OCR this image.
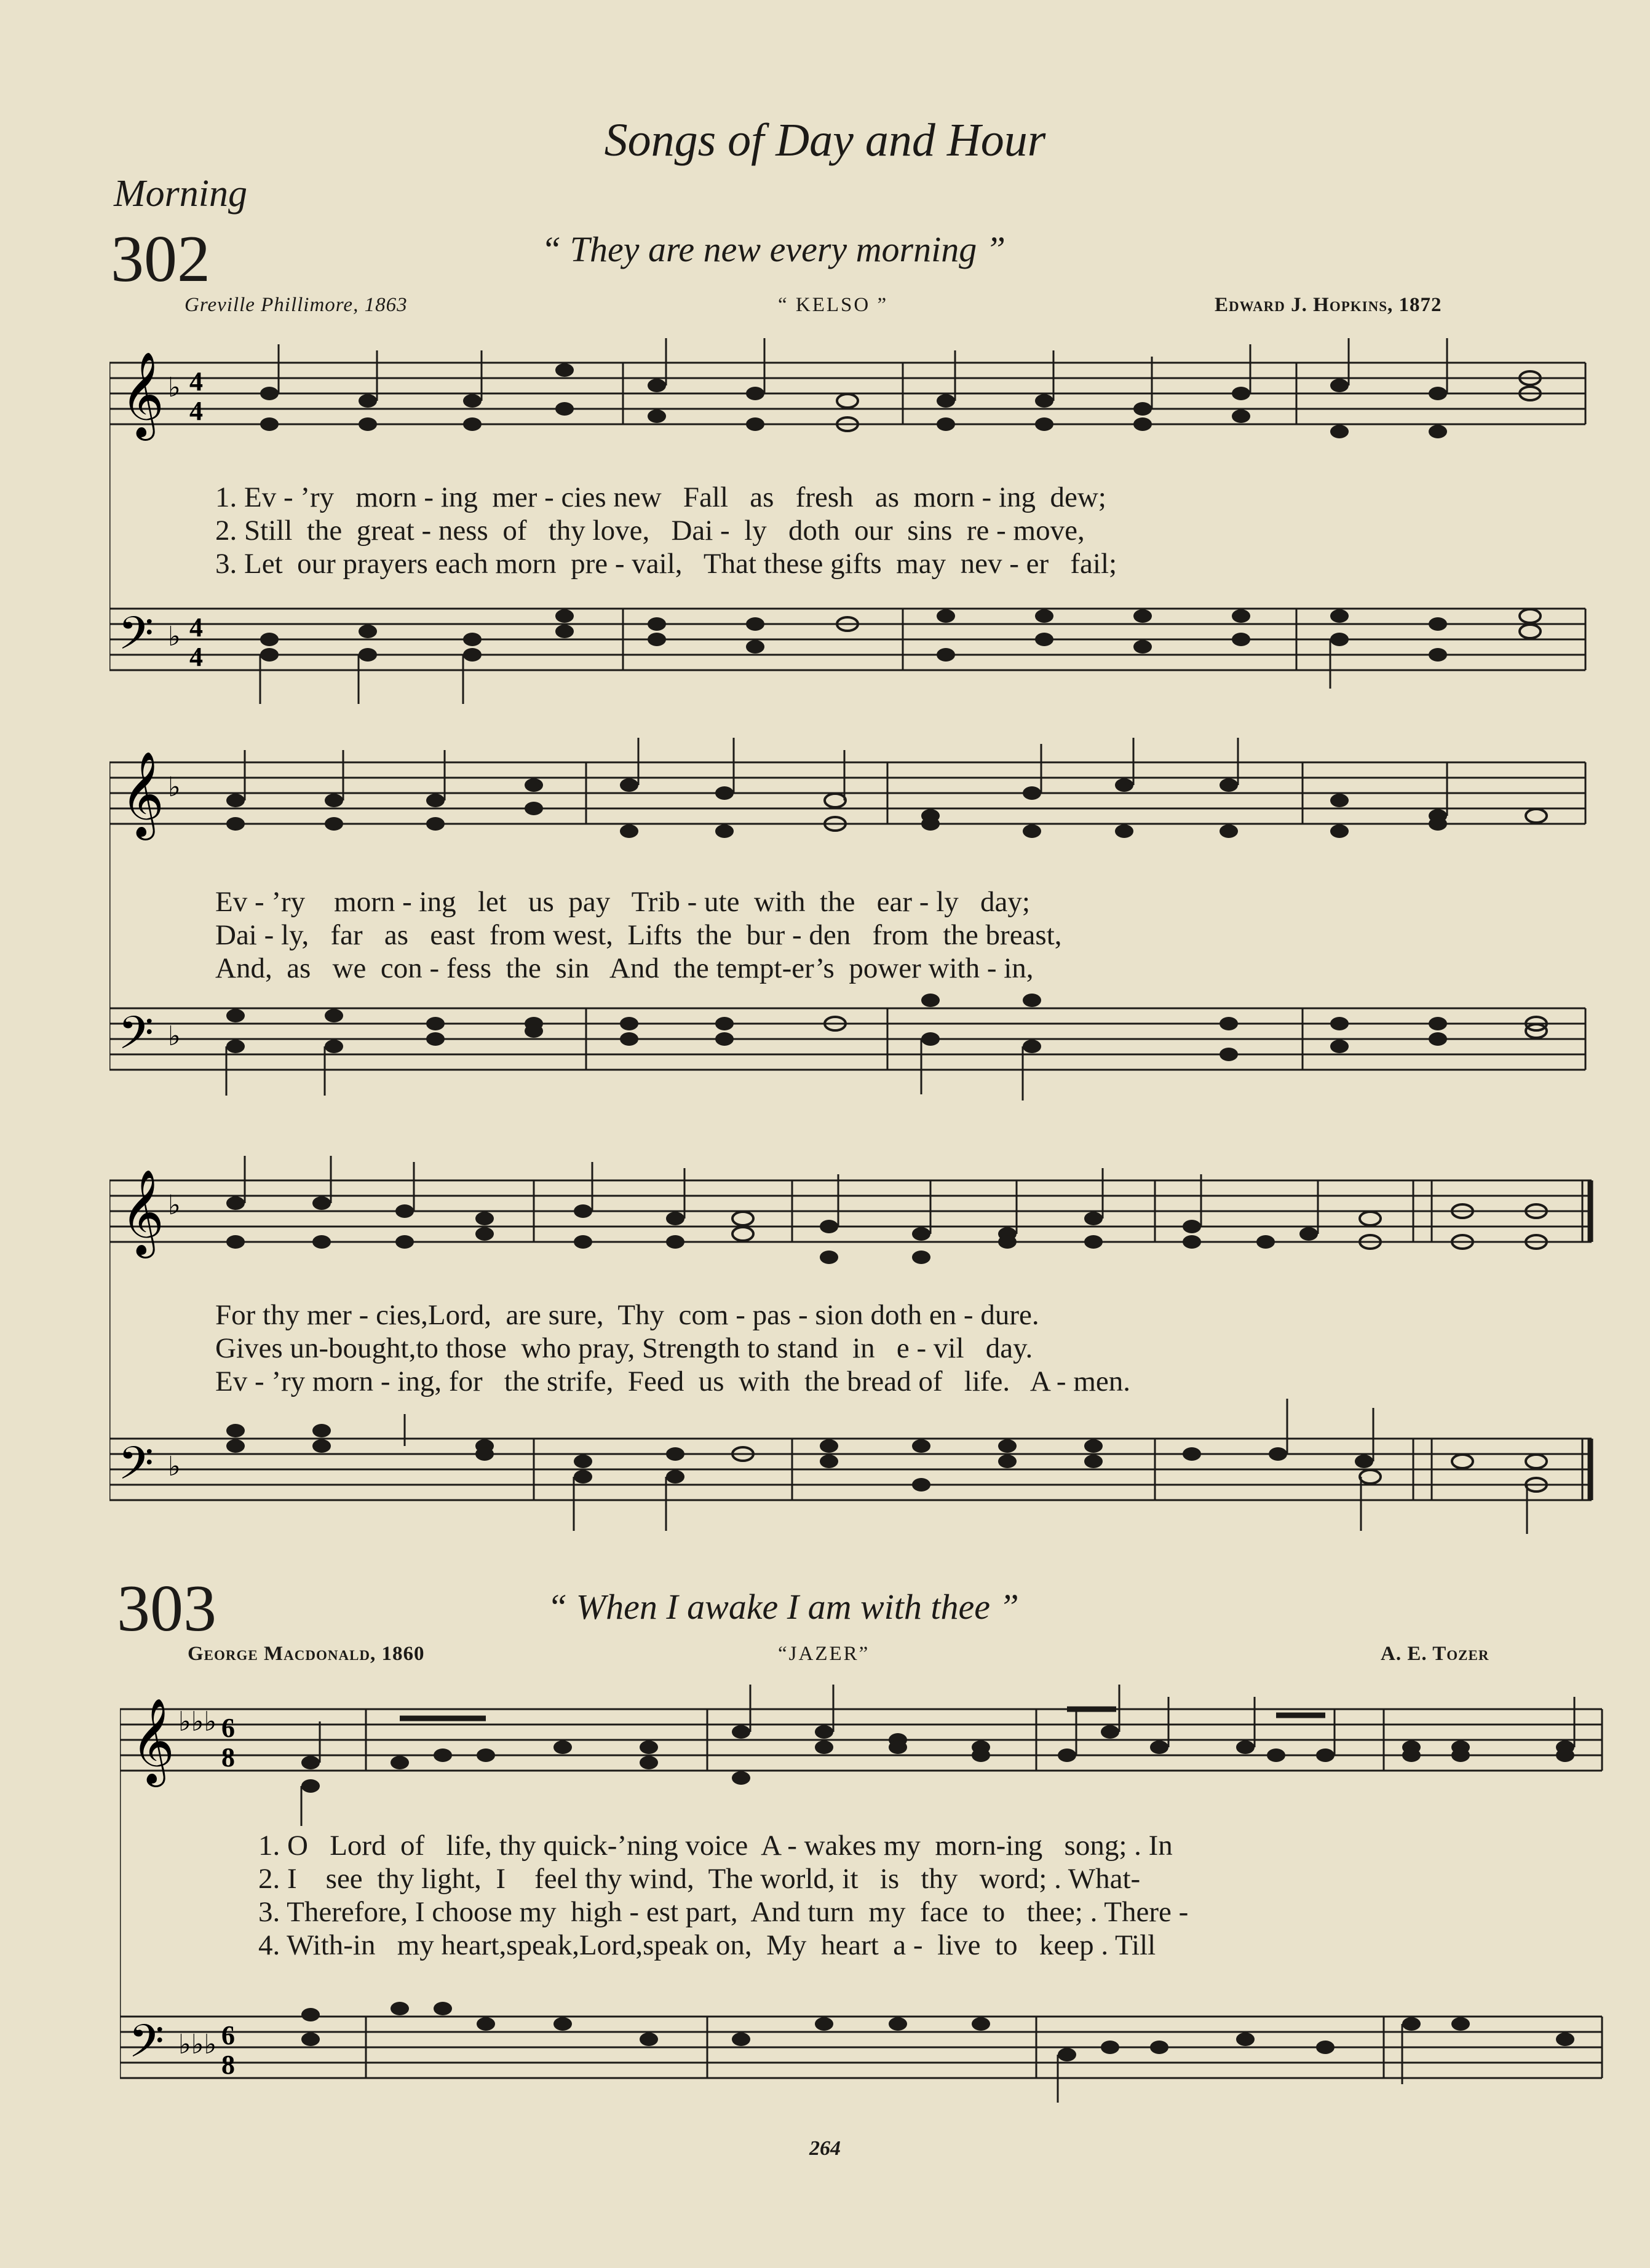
Songs of Day and Hour
Morning
302	“ They are new every morning ”
Greville Phillimore, 1863	“ KELSO ”	Edward J. Hopkins, 1872
𝄞
𝄢
♭ 4
4
♭ 4
4
1. Ev - ’ry   morn - ing  mer - cies new   Fall   as   fresh   as  morn - ing  dew;
2. Still  the  great - ness  of   thy love,   Dai -  ly   doth  our  sins  re - move,
3. Let  our prayers each morn  pre - vail,   That these gifts  may  nev - er   fail;
𝄞
𝄢
♭
♭
Ev - ’ry    morn - ing   let   us  pay   Trib - ute  with  the   ear - ly   day;
Dai - ly,   far   as   east  from west,  Lifts  the  bur - den   from  the breast,
And,  as   we  con - fess  the  sin   And  the tempt-er’s  power with - in,
𝄞
𝄢
♭
♭
For thy mer - cies,Lord,  are sure,  Thy  com - pas - sion doth en - dure.
Gives un-bought,to those  who pray, Strength to stand  in   e - vil   day.
Ev - ’ry morn - ing, for   the strife,  Feed  us  with  the bread of   life.   A - men.
303	“ When I awake I am with thee ”
George Macdonald, 1860	“JAZER”	A. E. Tozer
𝄞
𝄢
♭♭♭ 6
8
♭♭♭ 6
8
1. O   Lord  of   life, thy quick-’ning voice  A - wakes my  morn-ing   song; . In
2. I    see  thy light,  I    feel thy wind,  The world, it   is   thy   word; . What-
3. Therefore, I choose my  high - est part,  And turn  my  face  to   thee; . There -
4. With-in   my heart,speak,Lord,speak on,  My  heart  a -  live  to   keep . Till
264
